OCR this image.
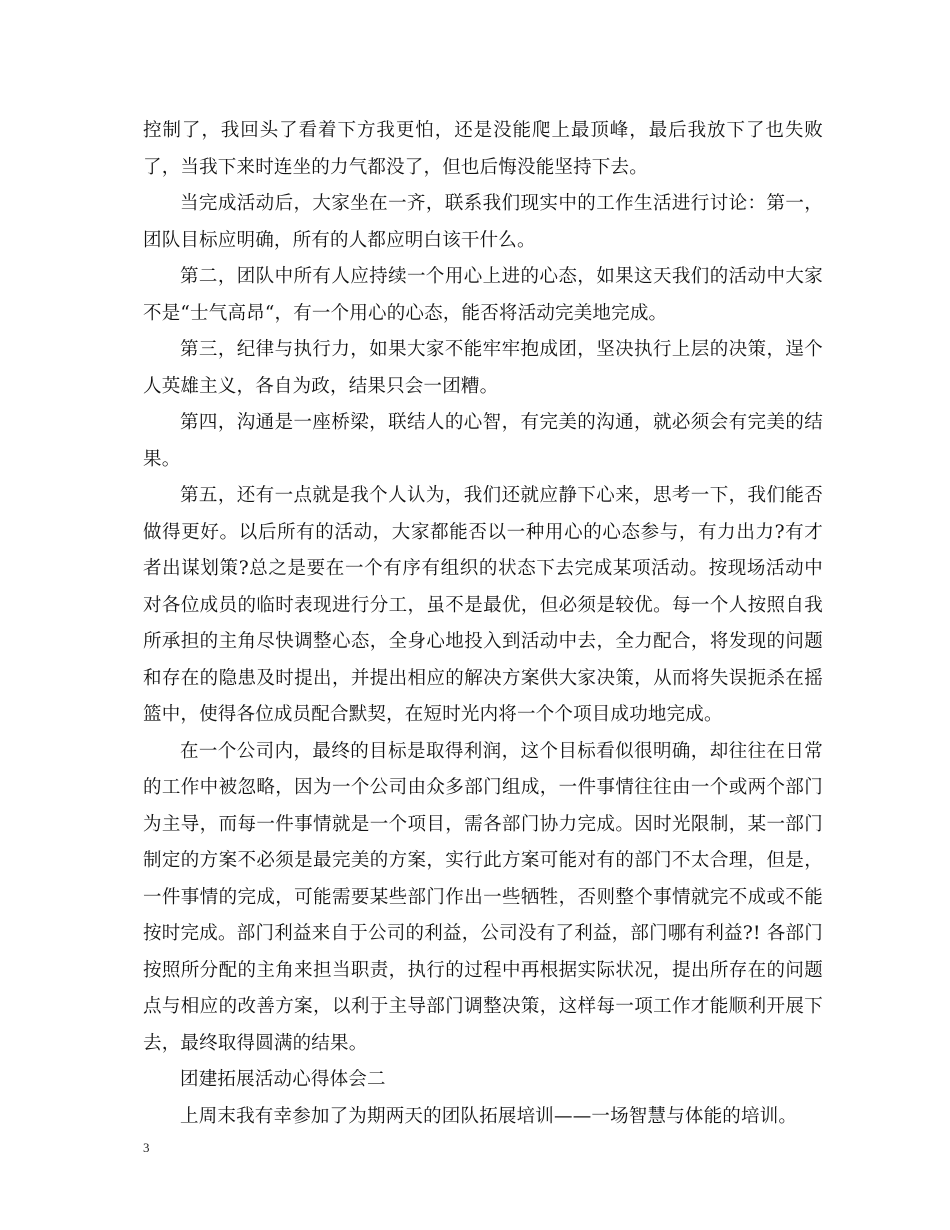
控制了，我回头了看着下方我更怕，还是没能爬上最顶峰，最后我放下了也失败了，当我下来时连坐的力气都没了，但也后悔没能坚持下去。

当完成活动后，大家坐在一齐，联系我们现实中的工作生活进行讨论：第一，团队目标应明确，所有的人都应明白该干什么。

第二，团队中所有人应持续一个用心上进的心态，如果这天我们的活动中大家不是“士气高昂“，有一个用心的心态，能否将活动完美地完成。

第三，纪律与执行力，如果大家不能牢牢抱成团，坚决执行上层的决策，逞个人英雄主义，各自为政，结果只会一团糟。

第四，沟通是一座桥梁，联结人的心智，有完美的沟通，就必须会有完美的结果。

第五，还有一点就是我个人认为，我们还就应静下心来，思考一下，我们能否做得更好。以后所有的活动，大家都能否以一种用心的心态参与，有力出力?有才者出谋划策?总之是要在一个有序有组织的状态下去完成某项活动。按现场活动中对各位成员的临时表现进行分工，虽不是最优，但必须是较优。每一个人按照自我所承担的主角尽快调整心态，全身心地投入到活动中去，全力配合，将发现的问题和存在的隐患及时提出，并提出相应的解决方案供大家决策，从而将失误扼杀在摇篮中，使得各位成员配合默契，在短时光内将一个个项目成功地完成。

在一个公司内，最终的目标是取得利润，这个目标看似很明确，却往往在日常的工作中被忽略，因为一个公司由众多部门组成，一件事情往往由一个或两个部门为主导，而每一件事情就是一个项目，需各部门协力完成。因时光限制，某一部门制定的方案不必须是最完美的方案，实行此方案可能对有的部门不太合理，但是，一件事情的完成，可能需要某些部门作出一些牺牲，否则整个事情就完不成或不能按时完成。部门利益来自于公司的利益，公司没有了利益，部门哪有利益?! 各部门按照所分配的主角来担当职责，执行的过程中再根据实际状况，提出所存在的问题点与相应的改善方案，以利于主导部门调整决策，这样每一项工作才能顺利开展下去，最终取得圆满的结果。

团建拓展活动心得体会二

上周末我有幸参加了为期两天的团队拓展培训——一场智慧与体能的培训。

3
